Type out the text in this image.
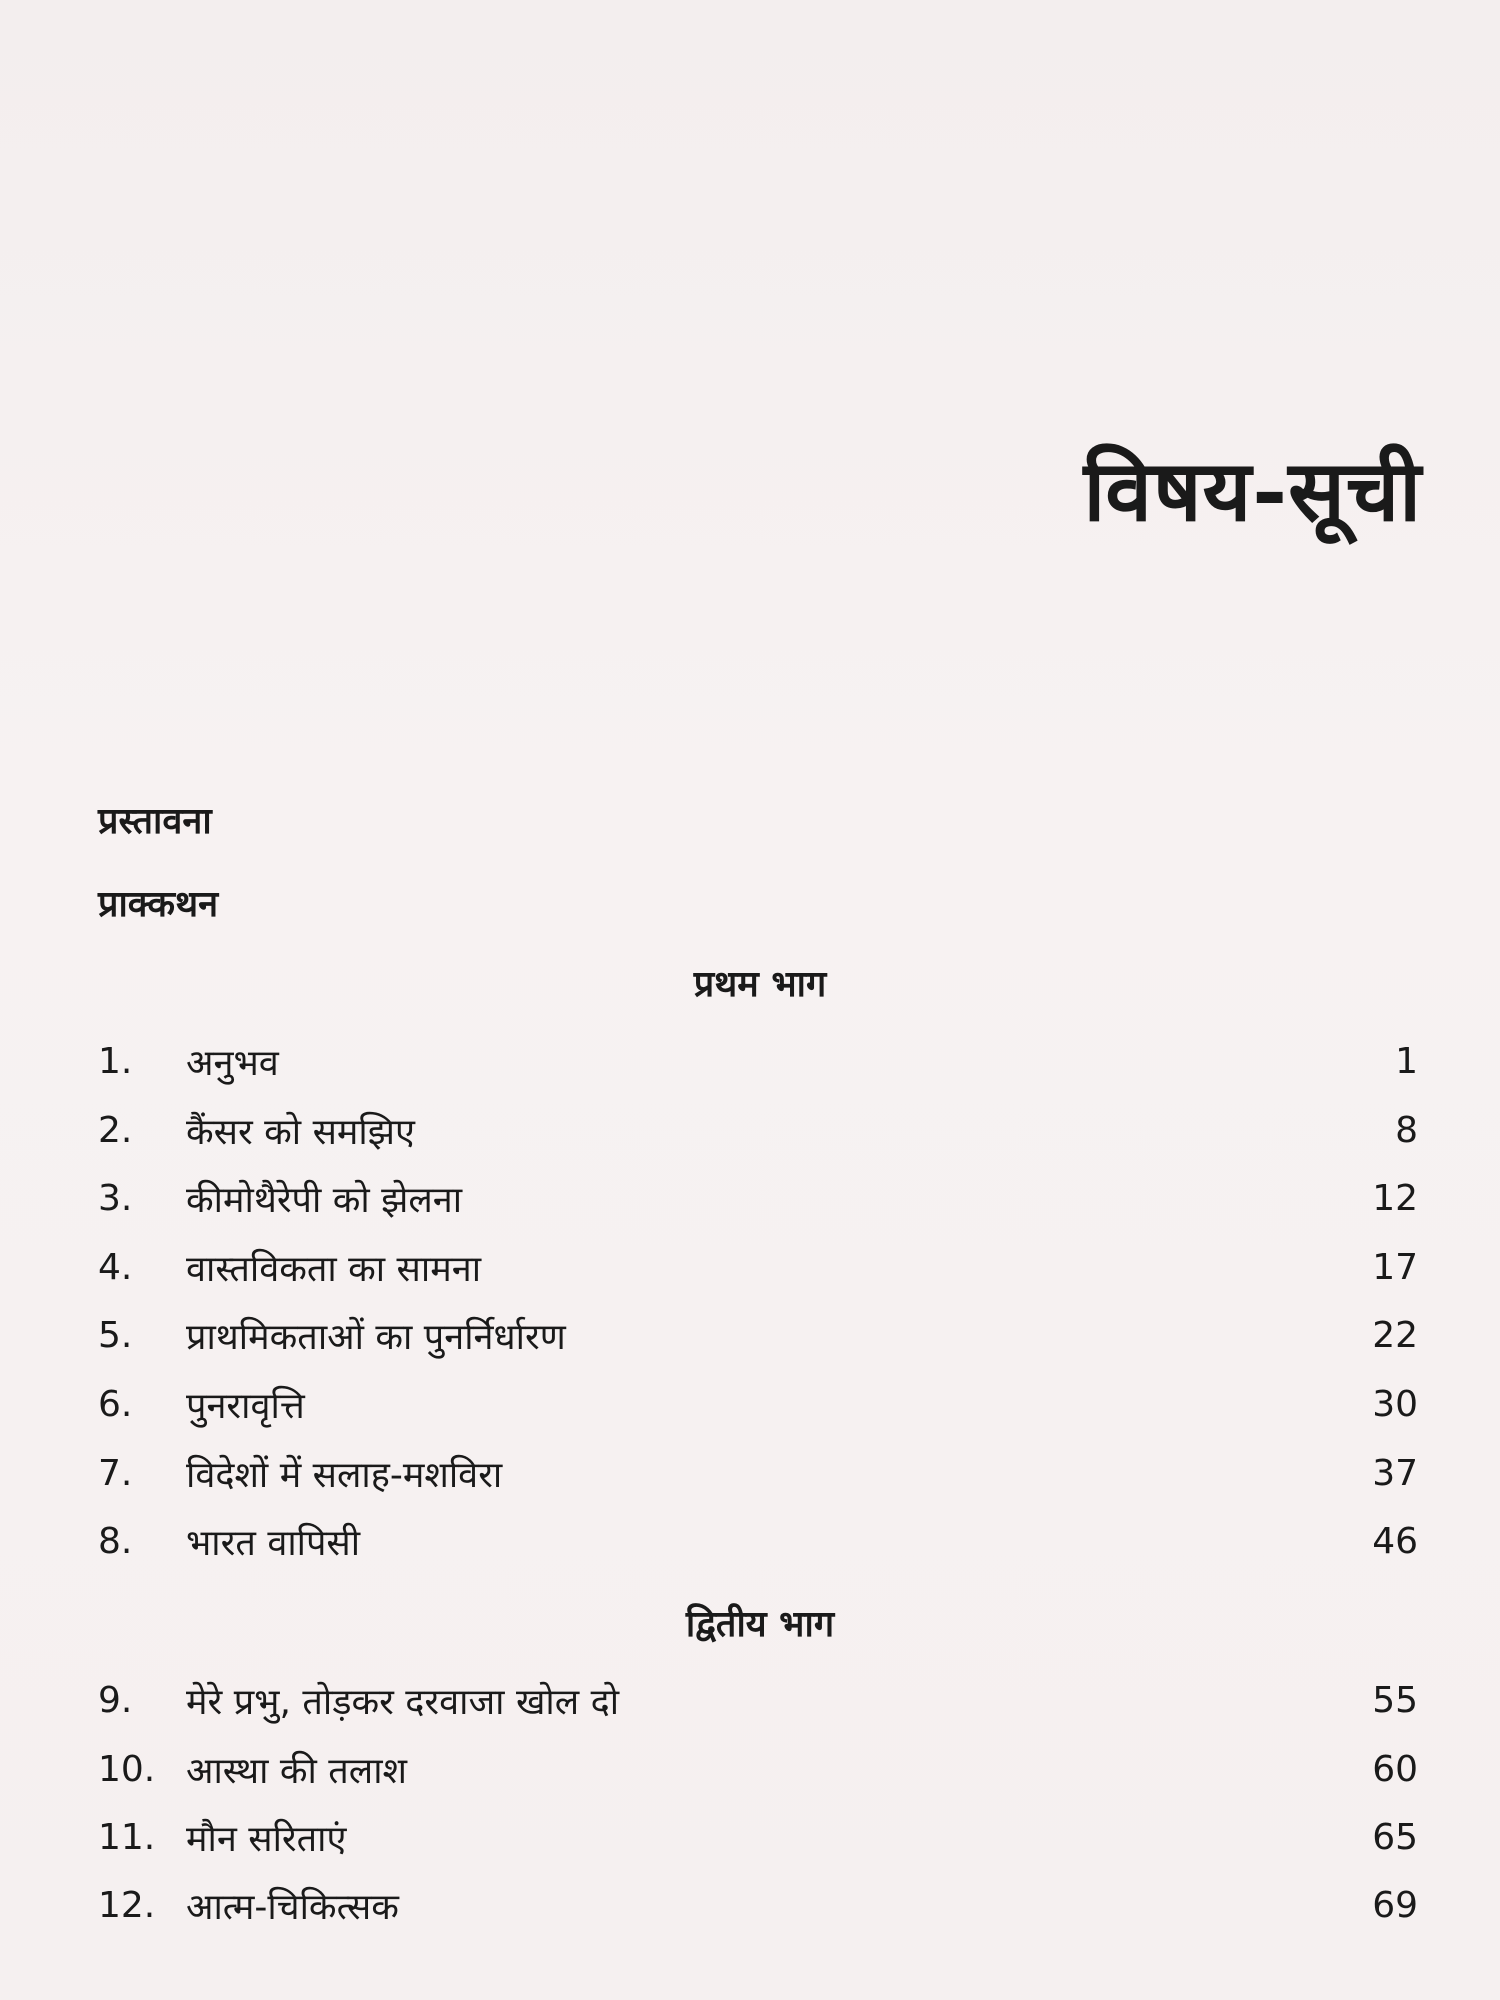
विषय-सूची
प्रस्तावना
प्राक्कथन
प्रथम भाग
1.	अनुभव	1
2.	कैंसर को समझिए	8
3.	कीमोथैरेपी को झेलना	12
4.	वास्तविकता का सामना	17
5.	प्राथमिकताओं का पुनर्निर्धारण	22
6.	पुनरावृत्ति	30
7.	विदेशों में सलाह-मशविरा	37
8.	भारत वापिसी	46
द्वितीय भाग
9.	मेरे प्रभु, तोड़कर दरवाजा खोल दो	55
10. आस्था की तलाश	60
11. मौन सरिताएं	65
12. आत्म-चिकित्सक	69
